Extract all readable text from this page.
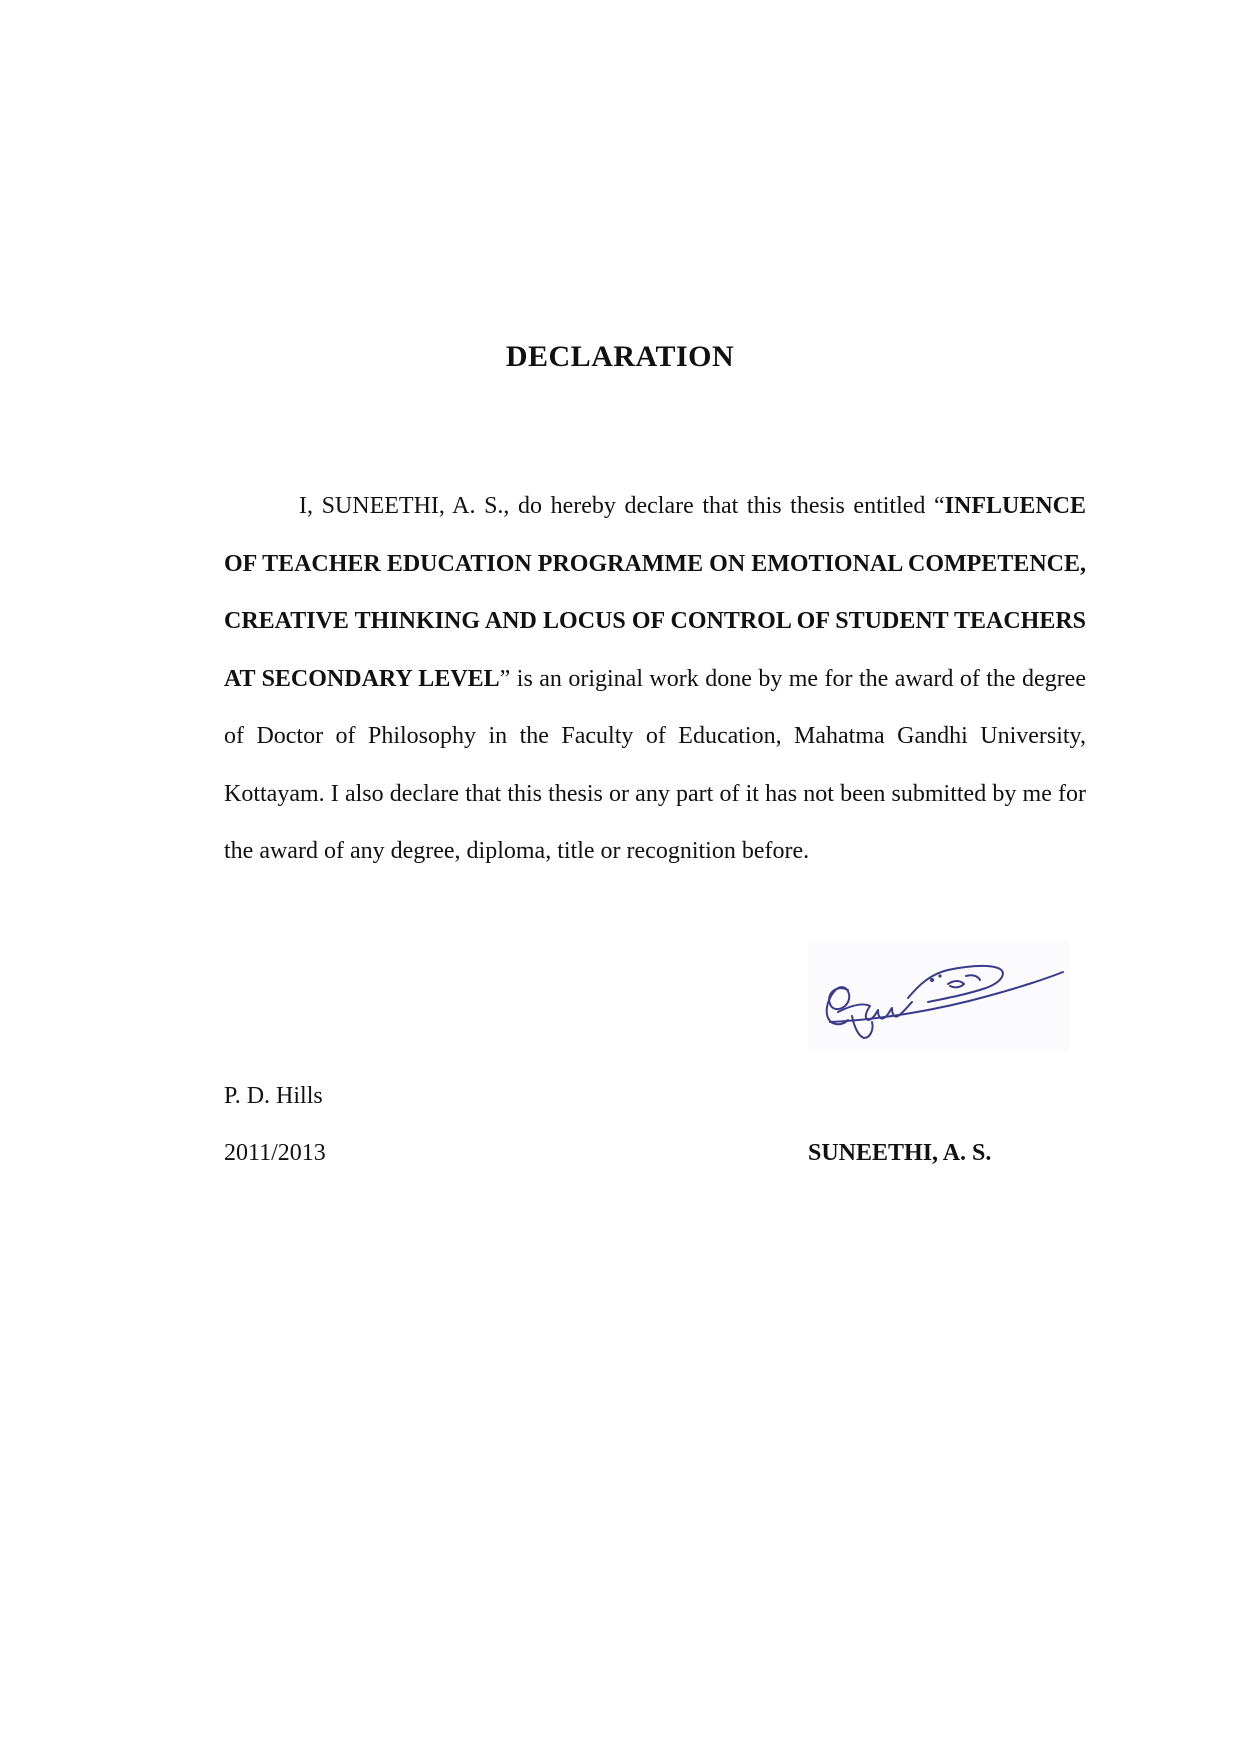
DECLARATION

I, SUNEETHI, A. S., do hereby declare that this thesis entitled “INFLUENCE OF TEACHER EDUCATION PROGRAMME ON EMOTIONAL COMPETENCE, CREATIVE THINKING AND LOCUS OF CONTROL OF STUDENT TEACHERS AT SECONDARY LEVEL” is an original work done by me for the award of the degree of Doctor of Philosophy in the Faculty of Education, Mahatma Gandhi University, Kottayam. I also declare that this thesis or any part of it has not been submitted by me for the award of any degree, diploma, title or recognition before.

P. D. Hills
2011/2013	SUNEETHI, A. S.
